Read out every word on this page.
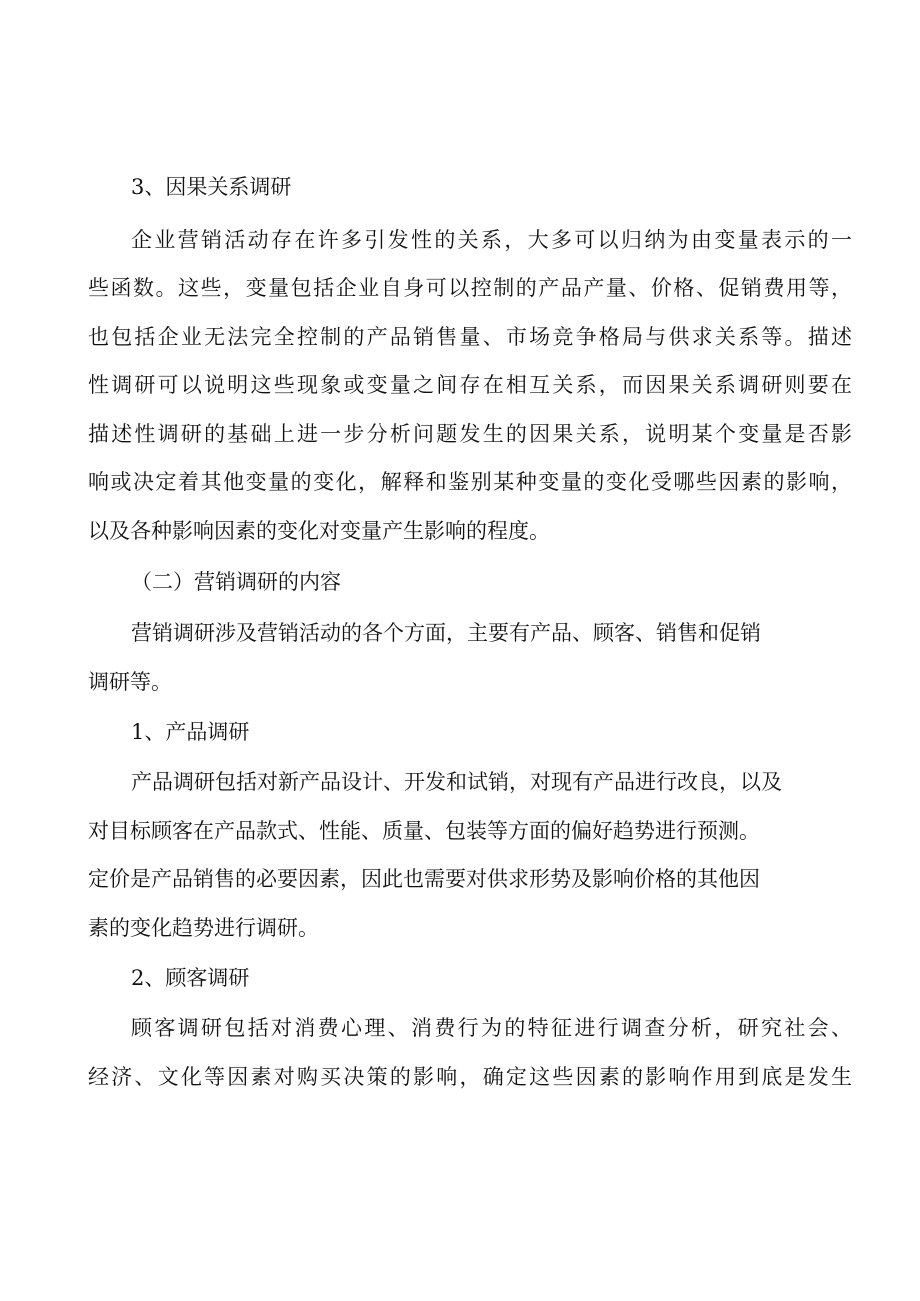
3、因果关系调研
企业营销活动存在许多引发性的关系，大多可以归纳为由变量表示的一
些函数。这些，变量包括企业自身可以控制的产品产量、价格、促销费用等，
也包括企业无法完全控制的产品销售量、市场竞争格局与供求关系等。描述
性调研可以说明这些现象或变量之间存在相互关系，而因果关系调研则要在
描述性调研的基础上进一步分析问题发生的因果关系，说明某个变量是否影
响或决定着其他变量的变化，解释和鉴别某种变量的变化受哪些因素的影响，
以及各种影响因素的变化对变量产生影响的程度。
（二）营销调研的内容
营销调研涉及营销活动的各个方面，主要有产品、顾客、销售和促销
调研等。
1、产品调研
产品调研包括对新产品设计、开发和试销，对现有产品进行改良，以及
对目标顾客在产品款式、性能、质量、包装等方面的偏好趋势进行预测。
定价是产品销售的必要因素，因此也需要对供求形势及影响价格的其他因
素的变化趋势进行调研。
2、顾客调研
顾客调研包括对消费心理、消费行为的特征进行调查分析，研究社会、
经济、文化等因素对购买决策的影响，确定这些因素的影响作用到底是发生
